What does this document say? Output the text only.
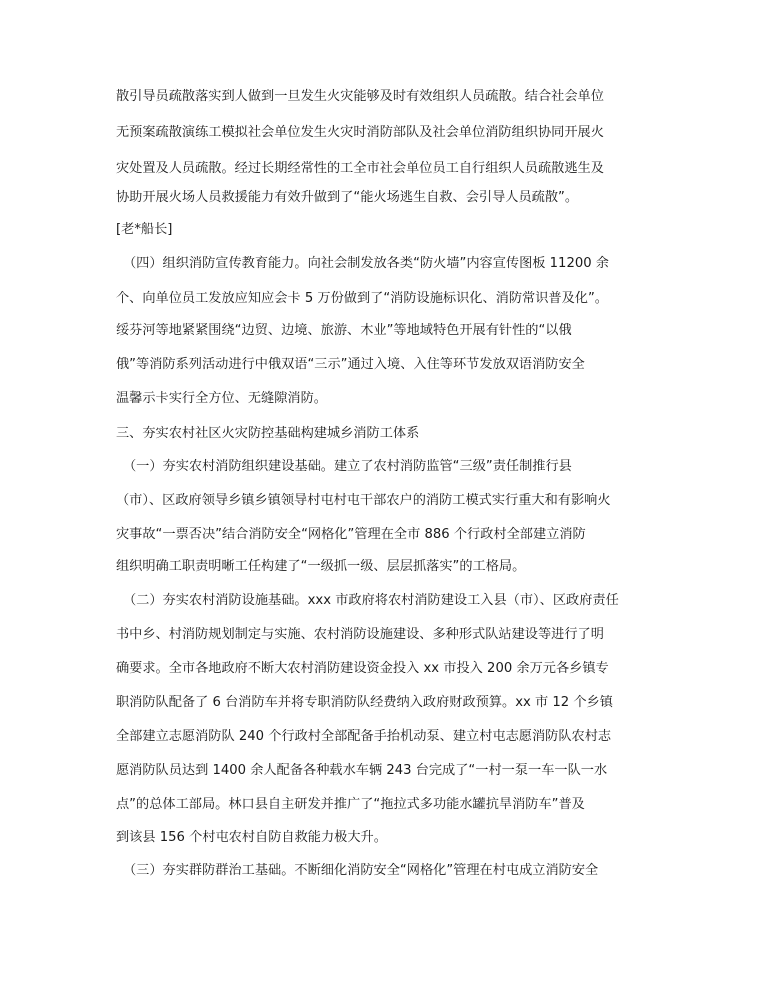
散引导员疏散落实到人做到一旦发生火灾能够及时有效组织人员疏散。结合社会单位
无预案疏散演练工模拟社会单位发生火灾时消防部队及社会单位消防组织协同开展火
灾处置及人员疏散。经过长期经常性的工全市社会单位员工自行组织人员疏散逃生及
协助开展火场人员救援能力有效升做到了“能火场逃生自救、会引导人员疏散”。
[老*船长]
（四）组织消防宣传教育能力。向社会制发放各类“防火墙”内容宣传图板 11200 余
个、向单位员工发放应知应会卡 5 万份做到了“消防设施标识化、消防常识普及化”。
绥芬河等地紧紧围绕“边贸、边境、旅游、木业”等地域特色开展有针性的“以俄
俄”等消防系列活动进行中俄双语“三示”通过入境、入住等环节发放双语消防安全
温馨示卡实行全方位、无缝隙消防。
三、夯实农村社区火灾防控基础构建城乡消防工体系
（一）夯实农村消防组织建设基础。建立了农村消防监管“三级”责任制推行县
（市）、区政府领导乡镇乡镇领导村屯村屯干部农户的消防工模式实行重大和有影响火
灾事故“一票否决”结合消防安全“网格化”管理在全市 886 个行政村全部建立消防
组织明确工职责明晰工任构建了“一级抓一级、层层抓落实”的工格局。
（二）夯实农村消防设施基础。xxx 市政府将农村消防建设工入县（市）、区政府责任
书中乡、村消防规划制定与实施、农村消防设施建设、多种形式队站建设等进行了明
确要求。全市各地政府不断大农村消防建设资金投入 xx 市投入 200 余万元各乡镇专
职消防队配备了 6 台消防车并将专职消防队经费纳入政府财政预算。xx 市 12 个乡镇
全部建立志愿消防队 240 个行政村全部配备手抬机动泵、建立村屯志愿消防队农村志
愿消防队员达到 1400 余人配备各种载水车辆 243 台完成了“一村一泵一车一队一水
点”的总体工部局。林口县自主研发并推广了“拖拉式多功能水罐抗旱消防车”普及
到该县 156 个村屯农村自防自救能力极大升。
（三）夯实群防群治工基础。不断细化消防安全“网格化”管理在村屯成立消防安全
